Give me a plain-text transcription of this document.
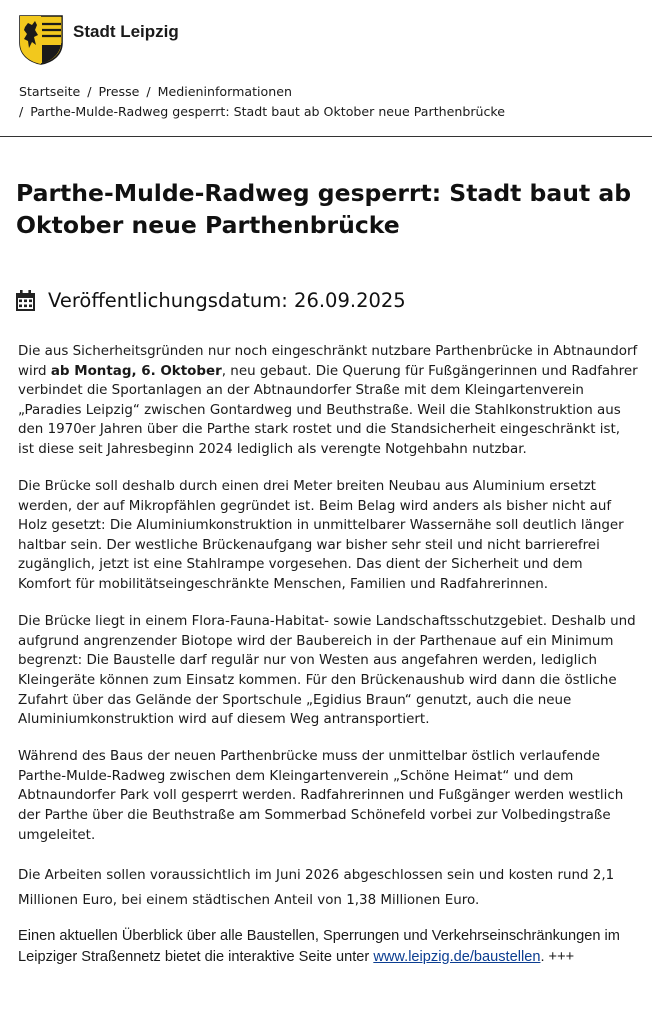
Stadt Leipzig
Startseite / Presse / Medieninformationen
/ Parthe-Mulde-Radweg gesperrt: Stadt baut ab Oktober neue Parthenbrücke
Parthe-Mulde-Radweg gesperrt: Stadt baut ab Oktober neue Parthenbrücke
Veröffentlichungsdatum: 26.09.2025

Die aus Sicherheitsgründen nur noch eingeschränkt nutzbare Parthenbrücke in Abtnaundorf wird ab Montag, 6. Oktober, neu gebaut. Die Querung für Fußgängerinnen und Radfahrer verbindet die Sportanlagen an der Abtnaundorfer Straße mit dem Kleingartenverein „Paradies Leipzig“ zwischen Gontardweg und Beuthstraße. Weil die Stahlkonstruktion aus den 1970er Jahren über die Parthe stark rostet und die Standsicherheit eingeschränkt ist, ist diese seit Jahresbeginn 2024 lediglich als verengte Notgehbahn nutzbar.

Die Brücke soll deshalb durch einen drei Meter breiten Neubau aus Aluminium ersetzt werden, der auf Mikropfählen gegründet ist. Beim Belag wird anders als bisher nicht auf Holz gesetzt: Die Aluminiumkonstruktion in unmittelbarer Wassernähe soll deutlich länger haltbar sein. Der westliche Brückenaufgang war bisher sehr steil und nicht barrierefrei zugänglich, jetzt ist eine Stahlrampe vorgesehen. Das dient der Sicherheit und dem Komfort für mobilitätseingeschränkte Menschen, Familien und Radfahrerinnen.

Die Brücke liegt in einem Flora-Fauna-Habitat- sowie Landschaftsschutzgebiet. Deshalb und aufgrund angrenzender Biotope wird der Baubereich in der Parthenaue auf ein Minimum begrenzt: Die Baustelle darf regulär nur von Westen aus angefahren werden, lediglich Kleingeräte können zum Einsatz kommen. Für den Brückenaushub wird dann die östliche Zufahrt über das Gelände der Sportschule „Egidius Braun“ genutzt, auch die neue Aluminiumkonstruktion wird auf diesem Weg antransportiert.

Während des Baus der neuen Parthenbrücke muss der unmittelbar östlich verlaufende Parthe-Mulde-Radweg zwischen dem Kleingartenverein „Schöne Heimat“ und dem Abtnaundorfer Park voll gesperrt werden. Radfahrerinnen und Fußgänger werden westlich der Parthe über die Beuthstraße am Sommerbad Schönefeld vorbei zur Volbedingstraße umgeleitet.

Die Arbeiten sollen voraussichtlich im Juni 2026 abgeschlossen sein und kosten rund 2,1 Millionen Euro, bei einem städtischen Anteil von 1,38 Millionen Euro.

Einen aktuellen Überblick über alle Baustellen, Sperrungen und Verkehrseinschränkungen im Leipziger Straßennetz bietet die interaktive Seite unter www.leipzig.de/baustellen. +++
